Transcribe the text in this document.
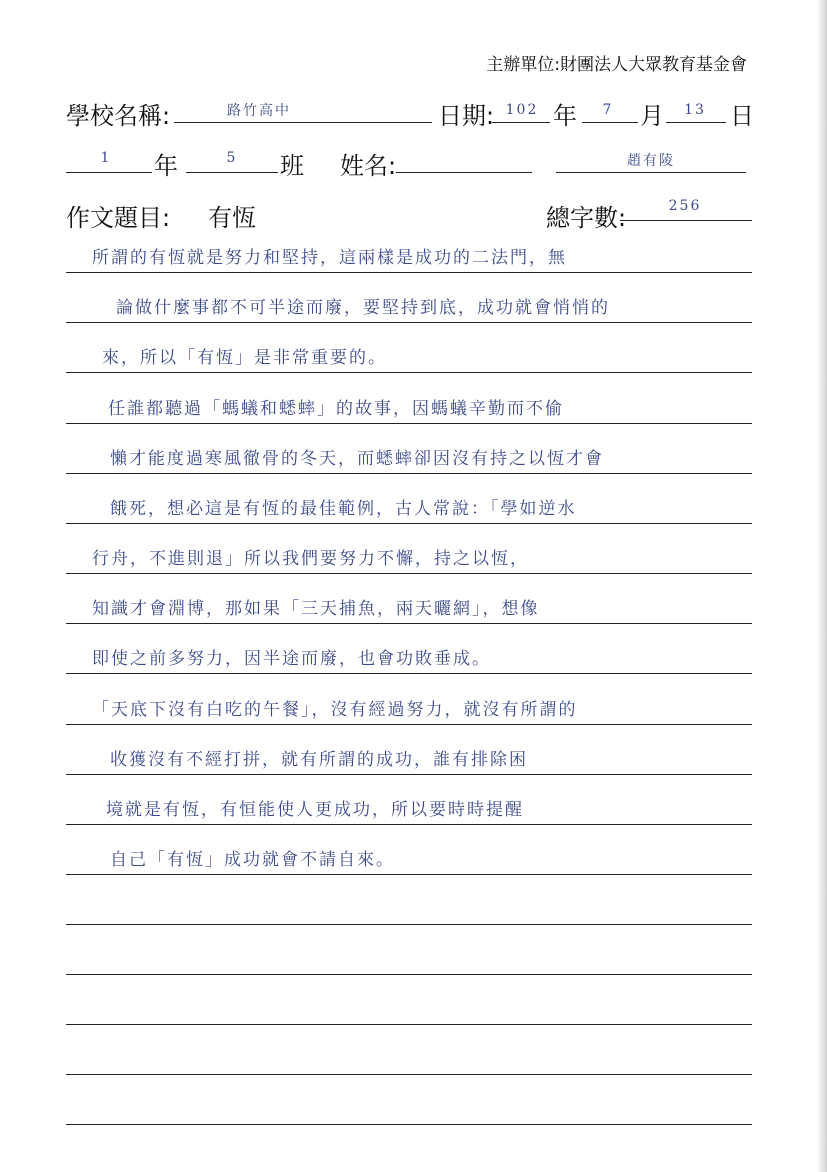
主辦單位:財團法人大眾教育基金會
學校名稱:	路竹高中	日期: 102 年	7	月	13	日
1	年	5	班 姓名:	趙有陵
作文題目: 有恆	總字數:	256
所謂的有恆就是努力和堅持，這兩樣是成功的二法門，無
論做什麼事都不可半途而廢，要堅持到底，成功就會悄悄的
來，所以「有恆」是非常重要的。
任誰都聽過「螞蟻和蟋蟀」的故事，因螞蟻辛勤而不偷
懶才能度過寒風徹骨的冬天，而蟋蟀卻因沒有持之以恆才會
餓死，想必這是有恆的最佳範例，古人常說：「學如逆水
行舟，不進則退」所以我們要努力不懈，持之以恆，
知識才會淵博，那如果「三天捕魚，兩天曬網」，想像
即使之前多努力，因半途而廢，也會功敗垂成。
「天底下沒有白吃的午餐」，沒有經過努力，就沒有所謂的
收獲沒有不經打拼，就有所謂的成功，誰有排除困
境就是有恆，有恒能使人更成功，所以要時時提醒
自己「有恆」成功就會不請自來。
